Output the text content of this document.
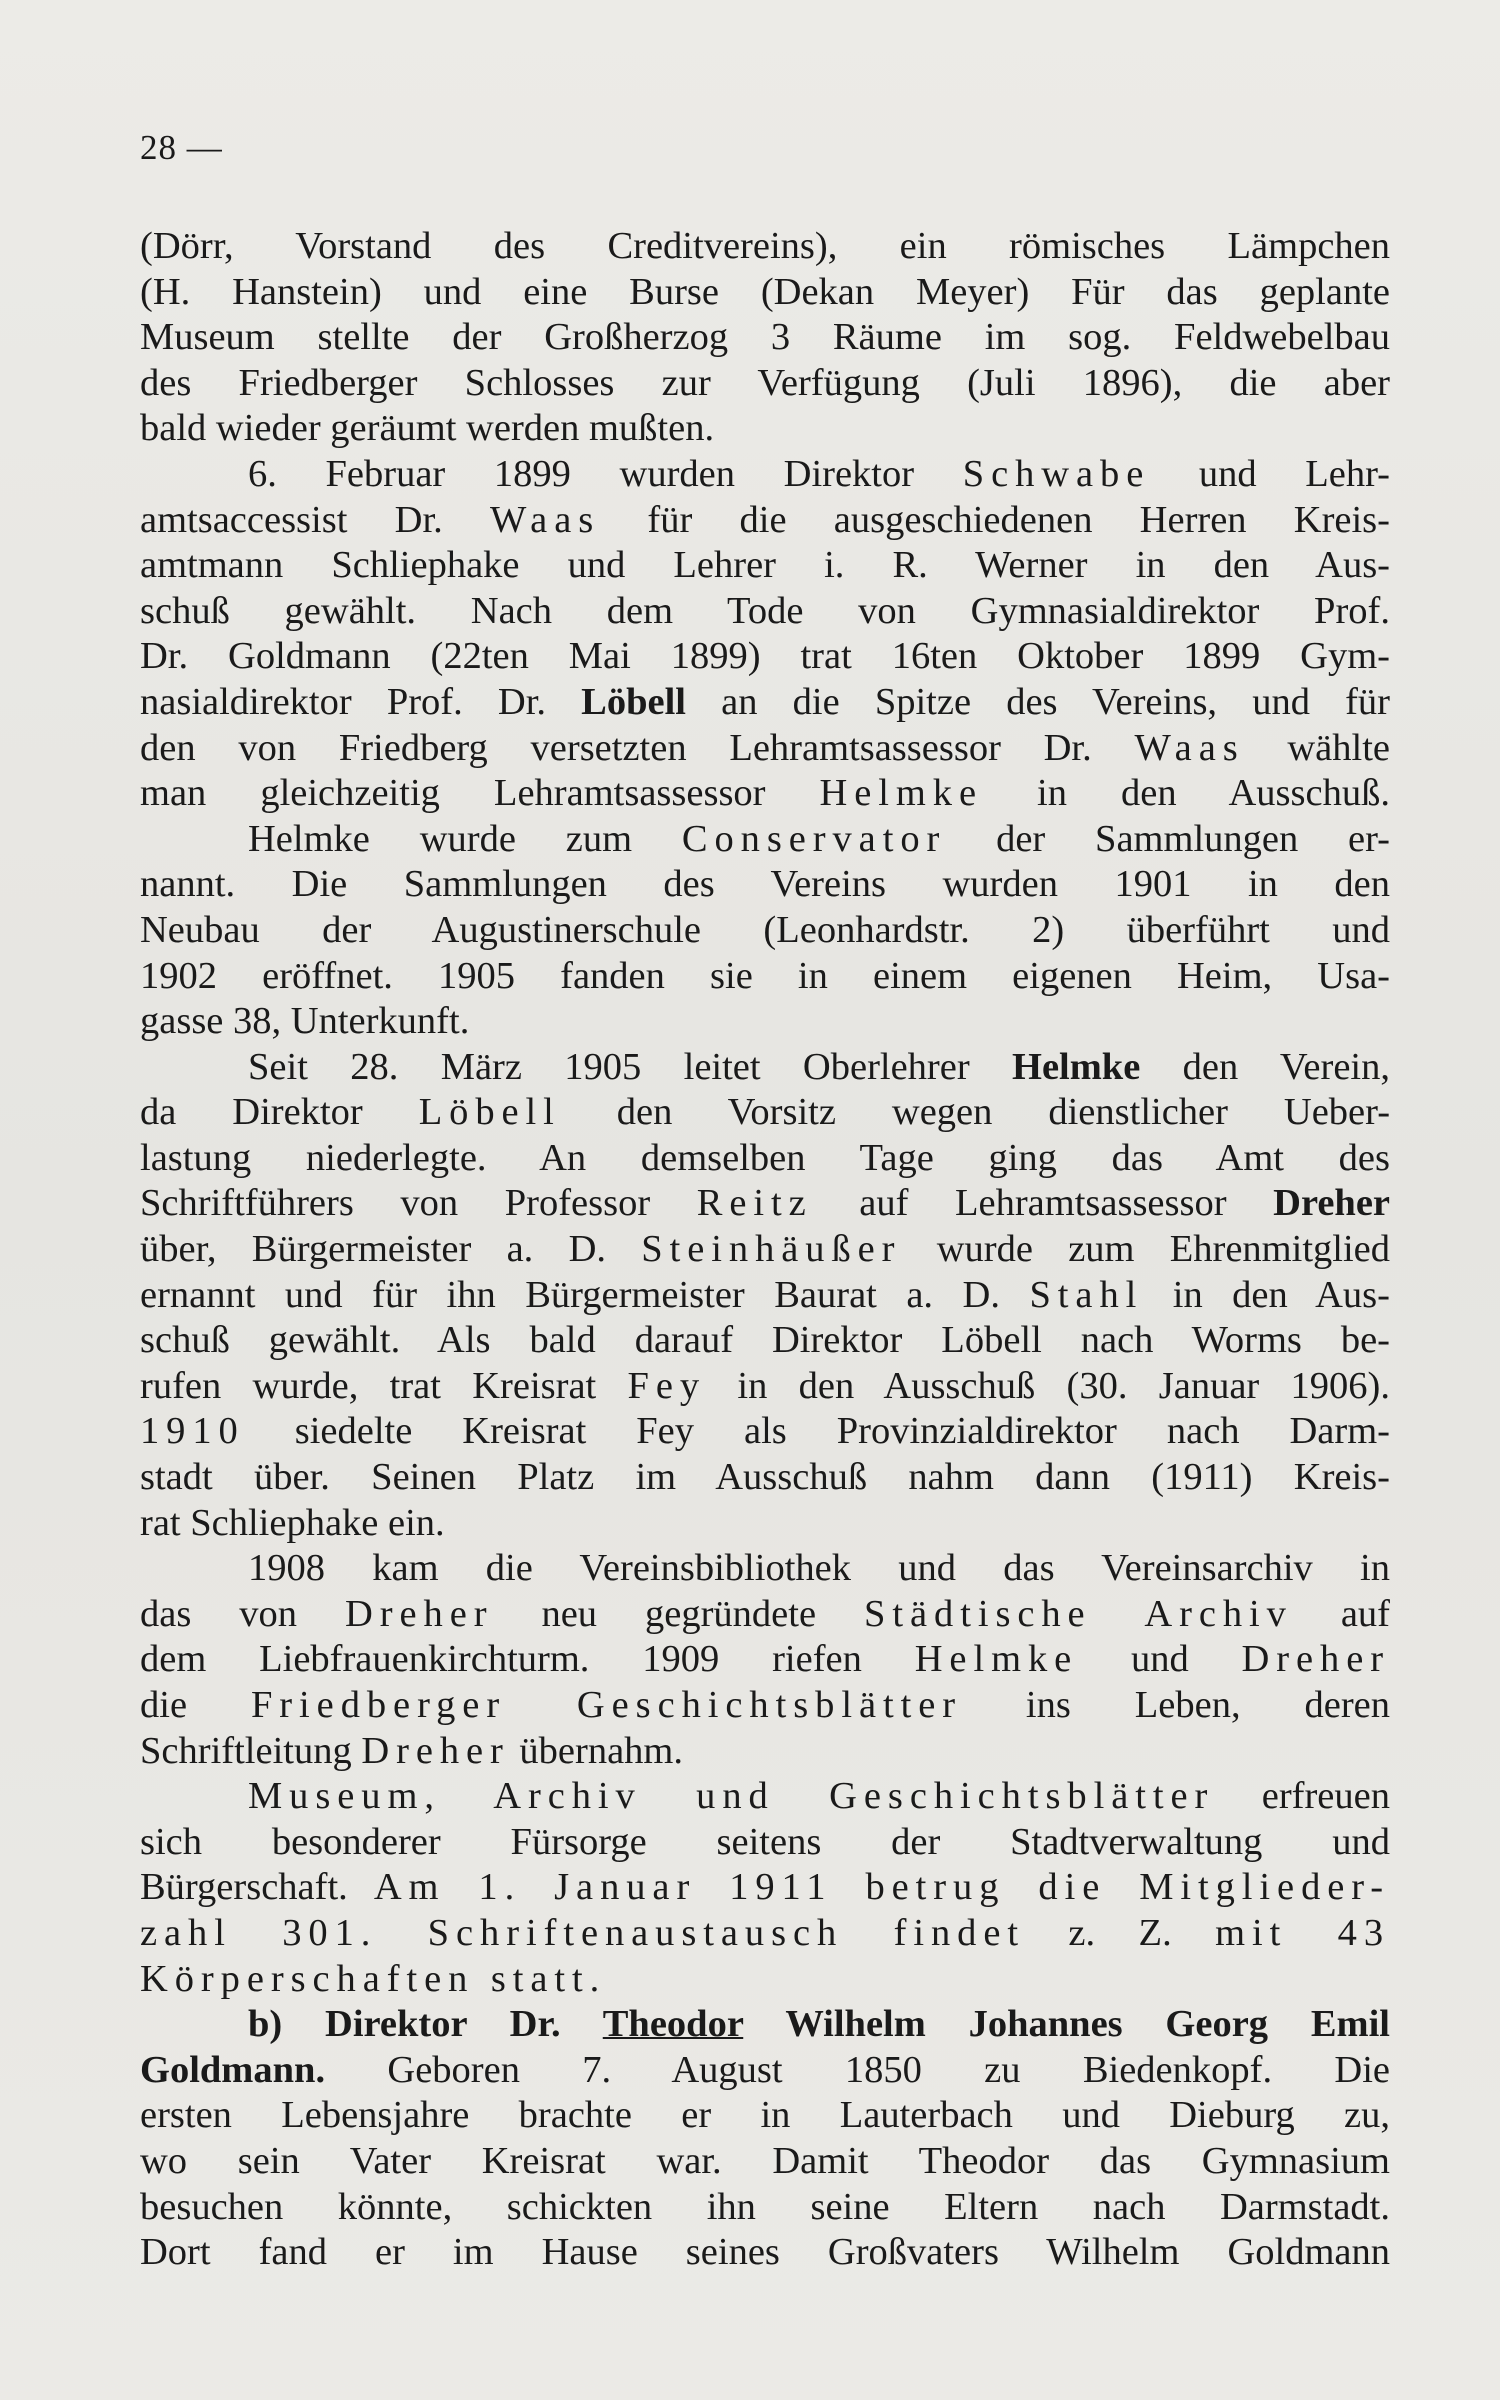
28 —
(Dörr, Vorstand des Creditvereins), ein römisches Lämpchen
(H. Hanstein) und eine Burse (Dekan Meyer) Für das geplante
Museum stellte der Großherzog 3 Räume im sog. Feldwebelbau
des Friedberger Schlosses zur Verfügung (Juli 1896), die aber
bald wieder geräumt werden mußten.
6. Februar 1899 wurden Direktor Schwabe und Lehr-
amtsaccessist Dr. Waas für die ausgeschiedenen Herren Kreis-
amtmann Schliephake und Lehrer i. R. Werner in den Aus-
schuß gewählt. Nach dem Tode von Gymnasialdirektor Prof.
Dr. Goldmann (22ten Mai 1899) trat 16ten Oktober 1899 Gym-
nasialdirektor Prof. Dr. Löbell an die Spitze des Vereins, und für
den von Friedberg versetzten Lehramtsassessor Dr. Waas wählte
man gleichzeitig Lehramtsassessor Helmke in den Ausschuß.
Helmke wurde zum Conservator der Sammlungen er-
nannt. Die Sammlungen des Vereins wurden 1901 in den
Neubau der Augustinerschule (Leonhardstr. 2) überführt und
1902 eröffnet. 1905 fanden sie in einem eigenen Heim, Usa-
gasse 38, Unterkunft.
Seit 28. März 1905 leitet Oberlehrer Helmke den Verein,
da Direktor Löbell den Vorsitz wegen dienstlicher Ueber-
lastung niederlegte. An demselben Tage ging das Amt des
Schriftführers von Professor Reitz auf Lehramtsassessor Dreher
über, Bürgermeister a. D. Steinhäußer wurde zum Ehrenmitglied
ernannt und für ihn Bürgermeister Baurat a. D. Stahl in den Aus-
schuß gewählt. Als bald darauf Direktor Löbell nach Worms be-
rufen wurde, trat Kreisrat Fey in den Ausschuß (30. Januar 1906).
1910 siedelte Kreisrat Fey als Provinzialdirektor nach Darm-
stadt über. Seinen Platz im Ausschuß nahm dann (1911) Kreis-
rat Schliephake ein.
1908 kam die Vereinsbibliothek und das Vereinsarchiv in
das von Dreher neu gegründete Städtische Archiv auf
dem Liebfrauenkirchturm. 1909 riefen Helmke und Dreher
die Friedberger Geschichtsblätter ins Leben, deren
Schriftleitung Dreher übernahm.
Museum, Archiv und Geschichtsblätter erfreuen
sich besonderer Fürsorge seitens der Stadtverwaltung und
Bürgerschaft. Am 1. Januar 1911 betrug die Mitglieder-
zahl 301. Schriftenaustausch findet z. Z. mit 43
Körperschaften statt.
b) Direktor Dr. Theodor Wilhelm Johannes Georg Emil
Goldmann. Geboren 7. August 1850 zu Biedenkopf. Die
ersten Lebensjahre brachte er in Lauterbach und Dieburg zu,
wo sein Vater Kreisrat war. Damit Theodor das Gymnasium
besuchen könnte, schickten ihn seine Eltern nach Darmstadt.
Dort fand er im Hause seines Großvaters Wilhelm Goldmann
